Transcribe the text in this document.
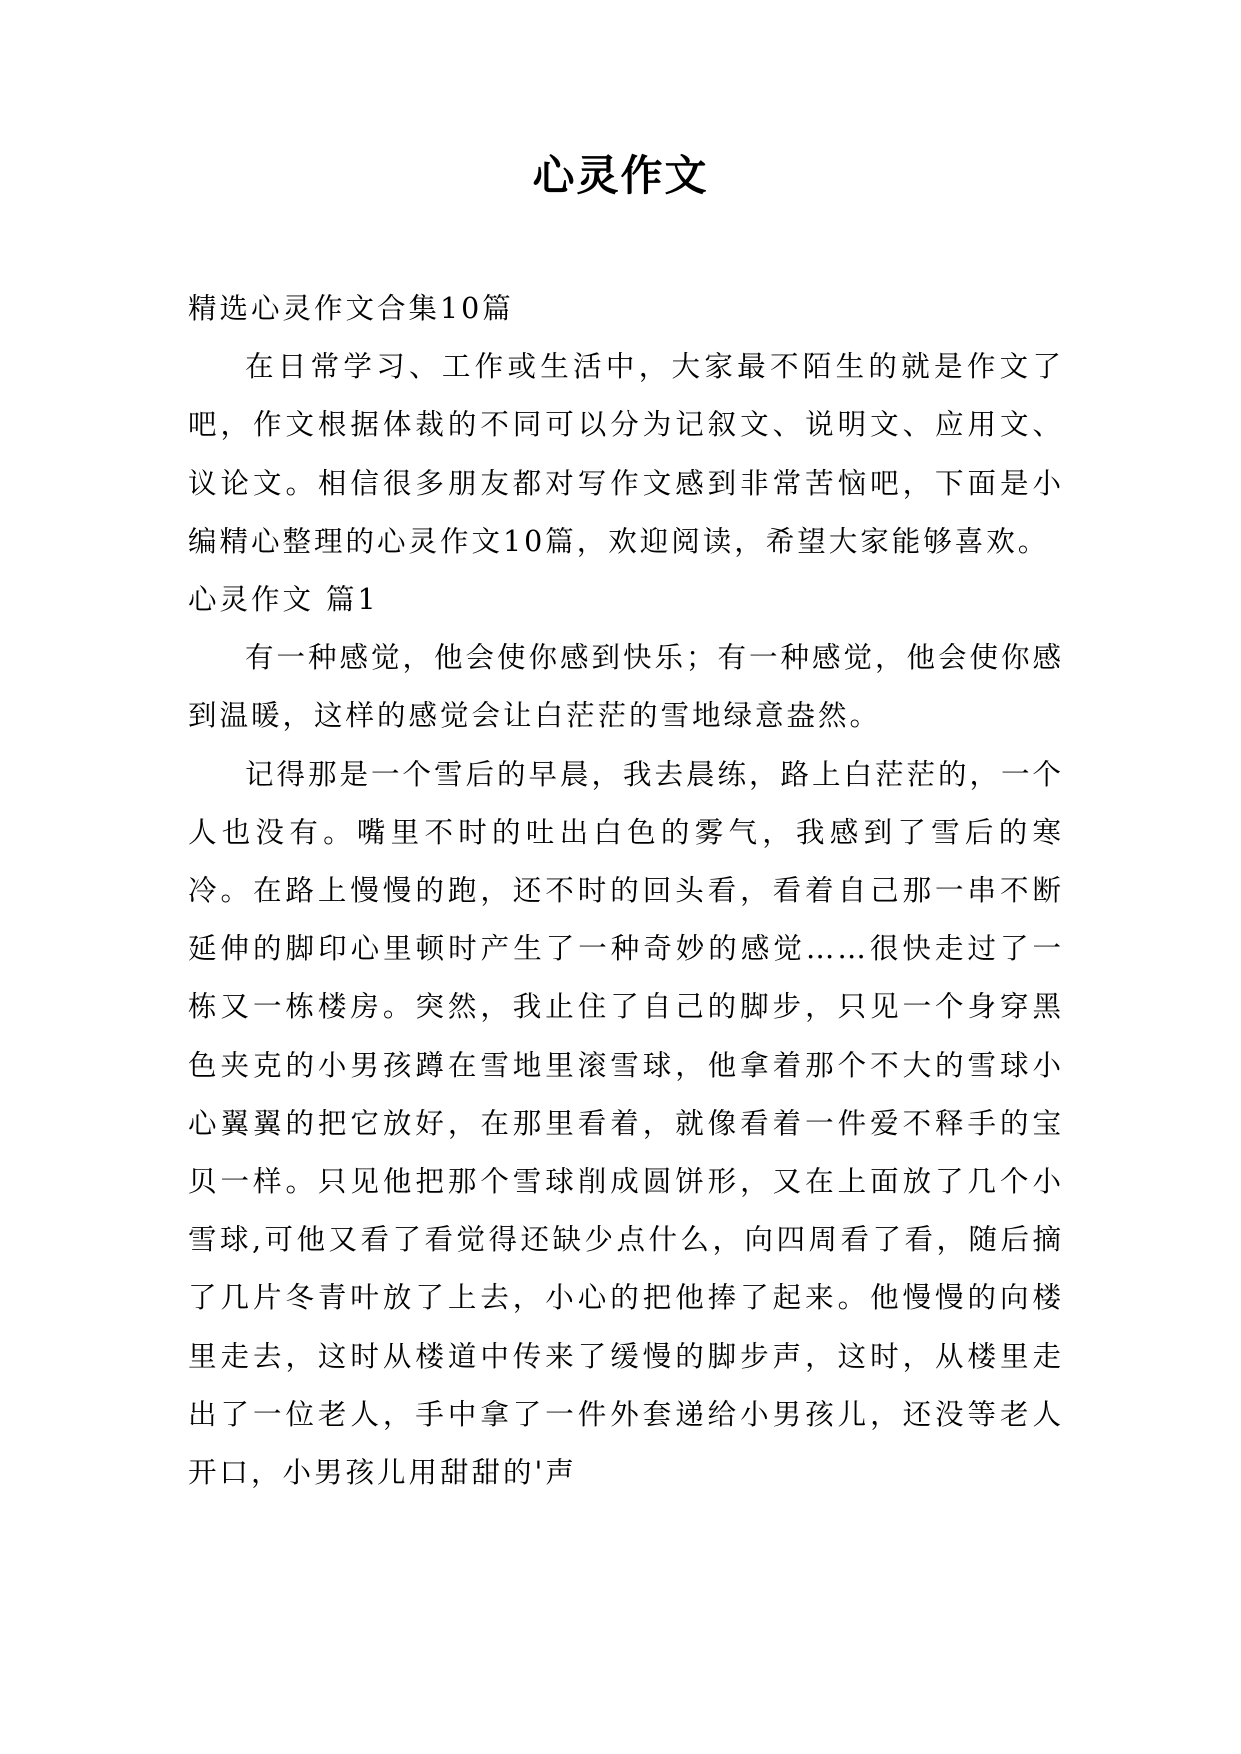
心灵作文

精选心灵作文合集10篇

在日常学习、工作或生活中，大家最不陌生的就是作文了吧，作文根据体裁的不同可以分为记叙文、说明文、应用文、议论文。相信很多朋友都对写作文感到非常苦恼吧，下面是小编精心整理的心灵作文10篇，欢迎阅读，希望大家能够喜欢。

心灵作文 篇1

有一种感觉，他会使你感到快乐；有一种感觉，他会使你感到温暖，这样的感觉会让白茫茫的雪地绿意盎然。

记得那是一个雪后的早晨，我去晨练，路上白茫茫的，一个人也没有。嘴里不时的吐出白色的雾气，我感到了雪后的寒冷。在路上慢慢的跑，还不时的回头看，看着自己那一串不断延伸的脚印心里顿时产生了一种奇妙的感觉……很快走过了一栋又一栋楼房。突然，我止住了自己的脚步，只见一个身穿黑色夹克的小男孩蹲在雪地里滚雪球，他拿着那个不大的雪球小心翼翼的把它放好，在那里看着，就像看着一件爱不释手的宝贝一样。只见他把那个雪球削成圆饼形，又在上面放了几个小雪球,可他又看了看觉得还缺少点什么，向四周看了看，随后摘了几片冬青叶放了上去，小心的把他捧了起来。他慢慢的向楼里走去，这时从楼道中传来了缓慢的脚步声，这时，从楼里走出了一位老人，手中拿了一件外套递给小男孩儿，还没等老人开口，小男孩儿用甜甜的'声
